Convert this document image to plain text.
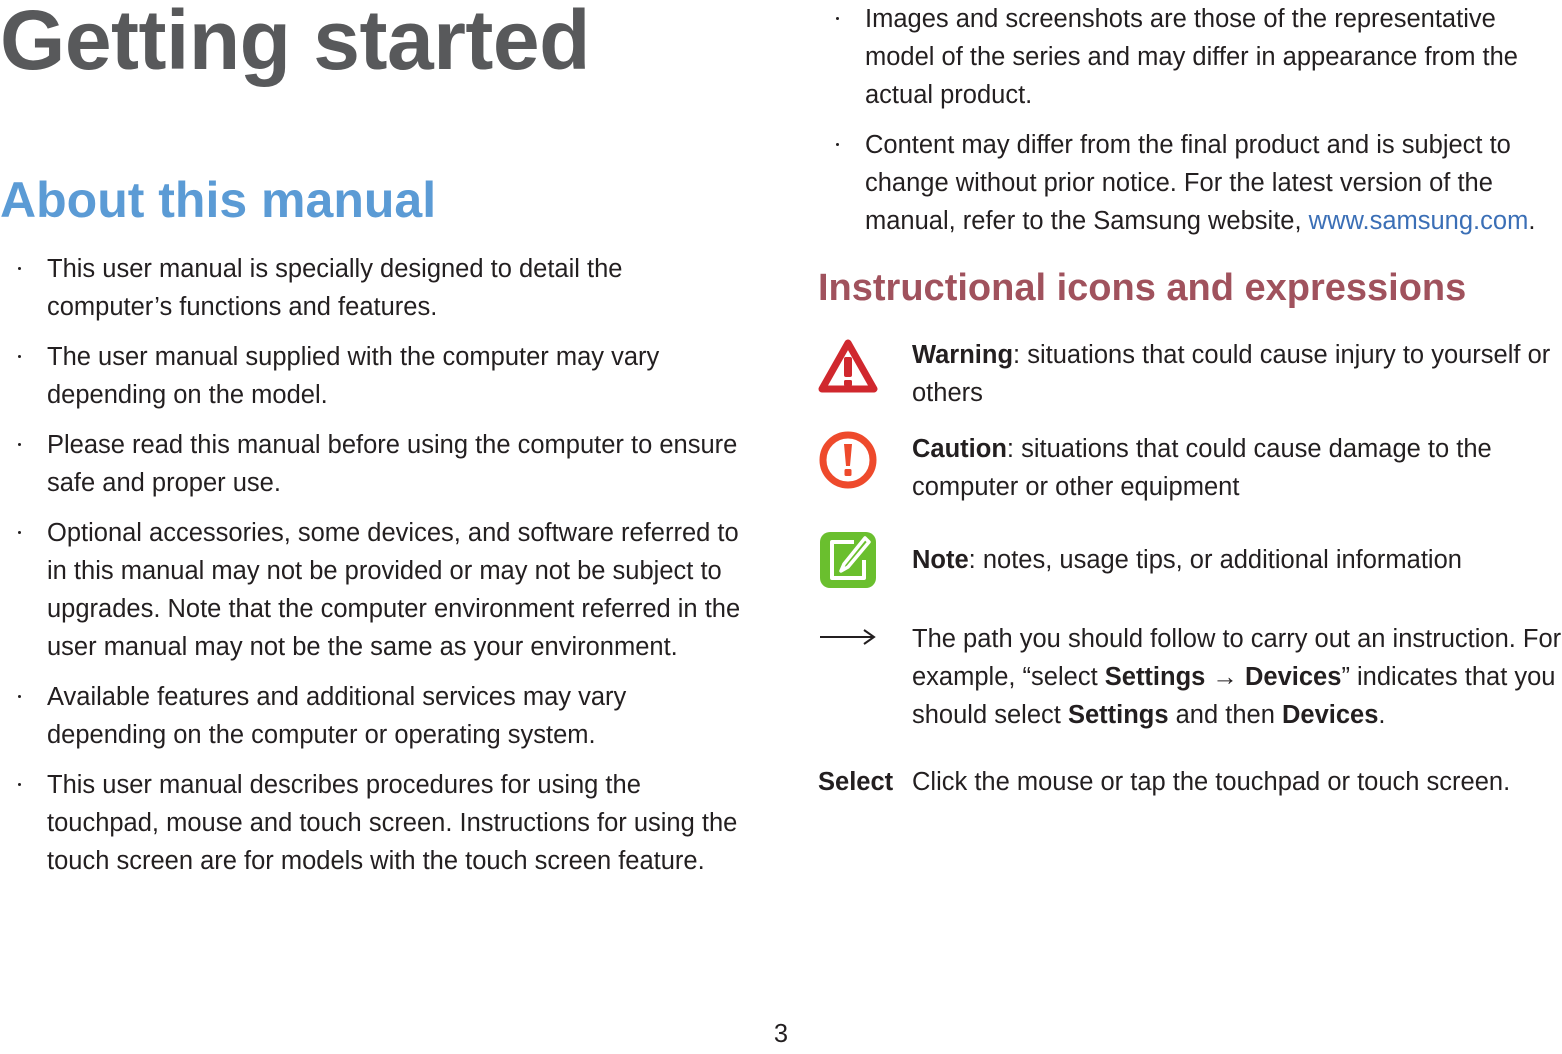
Getting started
About this manual
This user manual is specially designed to detail the computer’s functions and features.
The user manual supplied with the computer may vary depending on the model.
Please read this manual before using the computer to ensure safe and proper use.
Optional accessories, some devices, and software referred to in this manual may not be provided or may not be subject to upgrades. Note that the computer environment referred in the user manual may not be the same as your environment.
Available features and additional services may vary depending on the computer or operating system.
This user manual describes procedures for using the touchpad, mouse and touch screen. Instructions for using the touch screen are for models with the touch screen feature.
Images and screenshots are those of the representative model of the series and may differ in appearance from the actual product.
Content may differ from the final product and is subject to change without prior notice. For the latest version of the manual, refer to the Samsung website, www.samsung.com.
Instructional icons and expressions
Warning: situations that could cause injury to yourself or others
Caution: situations that could cause damage to the computer or other equipment
Note: notes, usage tips, or additional information
The path you should follow to carry out an instruction. For example, “select Settings → Devices” indicates that you should select Settings and then Devices.
Select Click the mouse or tap the touchpad or touch screen.
3
